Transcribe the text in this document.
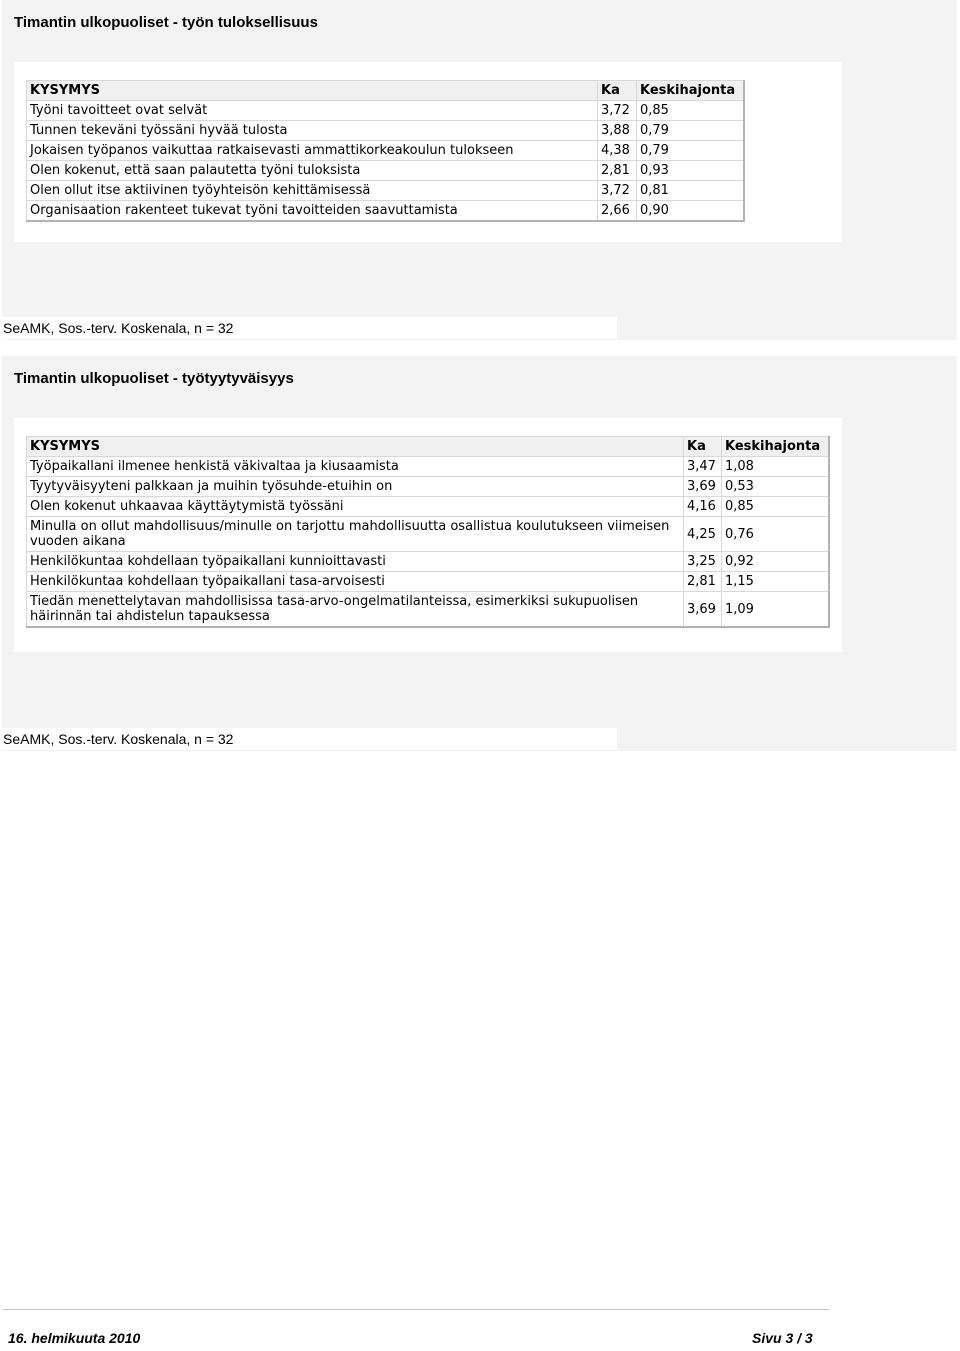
Timantin ulkopuoliset - työn tuloksellisuus
KYSYMYS	Ka	Keskihajonta
Työni tavoitteet ovat selvät	3,72	0,85
Tunnen tekeväni työssäni hyvää tulosta	3,88	0,79
Jokaisen työpanos vaikuttaa ratkaisevasti ammattikorkeakoulun tulokseen	4,38	0,79
Olen kokenut, että saan palautetta työni tuloksista	2,81	0,93
Olen ollut itse aktiivinen työyhteisön kehittämisessä	3,72	0,81
Organisaation rakenteet tukevat työni tavoitteiden saavuttamista	2,66	0,90
SeAMK, Sos.-terv. Koskenala, n = 32
Timantin ulkopuoliset - työtyytyväisyys
KYSYMYS	Ka	Keskihajonta
Työpaikallani ilmenee henkistä väkivaltaa ja kiusaamista	3,47	1,08
Tyytyväisyyteni palkkaan ja muihin työsuhde-etuihin on	3,69	0,53
Olen kokenut uhkaavaa käyttäytymistä työssäni	4,16	0,85
Minulla on ollut mahdollisuus/minulle on tarjottu mahdollisuutta osallistua koulutukseen viimeisen vuoden aikana	4,25	0,76
Henkilökuntaa kohdellaan työpaikallani kunnioittavasti	3,25	0,92
Henkilökuntaa kohdellaan työpaikallani tasa-arvoisesti	2,81	1,15
Tiedän menettelytavan mahdollisissa tasa-arvo-ongelmatilanteissa, esimerkiksi sukupuolisen häirinnän tai ahdistelun tapauksessa	3,69	1,09
SeAMK, Sos.-terv. Koskenala, n = 32
16. helmikuuta 2010	Sivu 3 / 3
